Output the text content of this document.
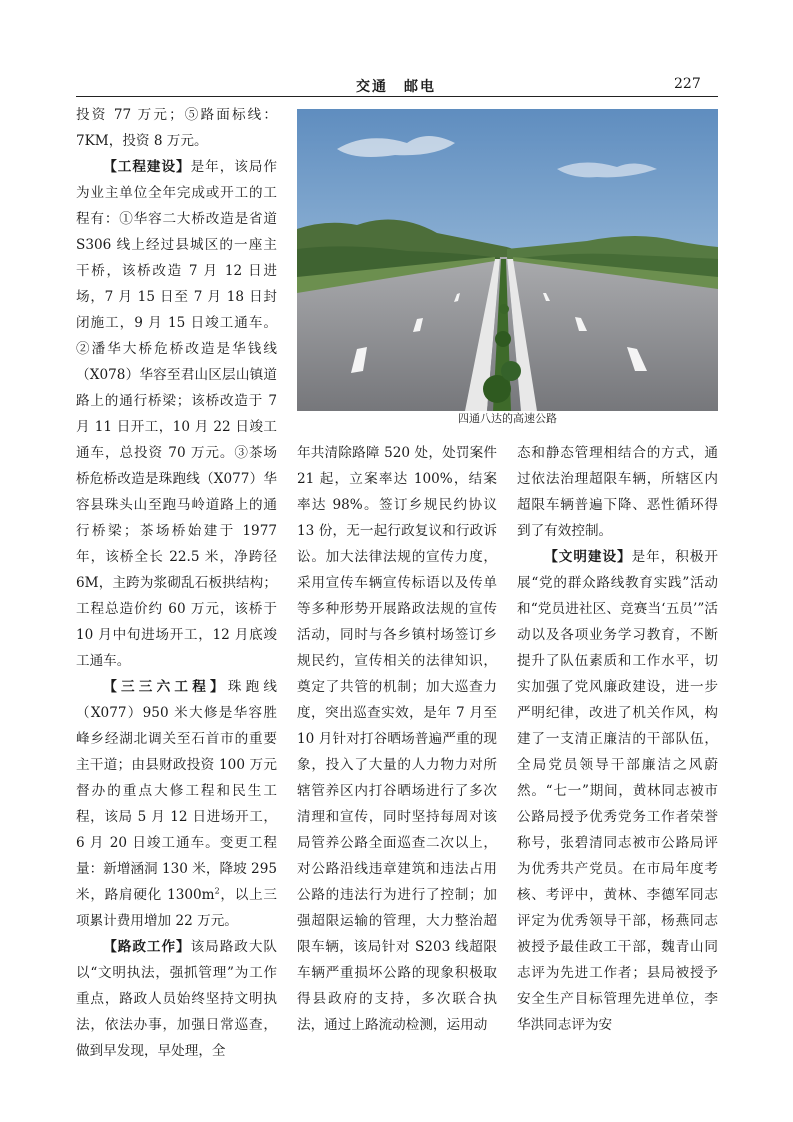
交通　邮电	227

投资 77 万元；⑤路面标线：7KM，投资 8 万元。

【工程建设】是年，该局作为业主单位全年完成或开工的工程有：①华容二大桥改造是省道 S306 线上经过县城区的一座主干桥，该桥改造 7 月 12 日进场，7 月 15 日至 7 月 18 日封闭施工，9 月 15 日竣工通车。②潘华大桥危桥改造是华钱线（X078）华容至君山区层山镇道路上的通行桥梁；该桥改造于 7 月 11 日开工，10 月 22 日竣工通车，总投资 70 万元。③茶场桥危桥改造是珠跑线（X077）华容县珠头山至跑马岭道路上的通行桥梁；茶场桥始建于 1977 年，该桥全长 22.5 米，净跨径 6M，主跨为浆砌乱石板拱结构；工程总造价约 60 万元，该桥于 10 月中旬进场开工，12 月底竣工通车。

【三三六工程】珠跑线（X077）950 米大修是华容胜峰乡经湖北调关至石首市的重要主干道；由县财政投资 100 万元督办的重点大修工程和民生工程，该局 5 月 12 日进场开工，6 月 20 日竣工通车。变更工程量：新增涵洞 130 米，降坡 295 米，路肩硬化 $1300m^2$，以上三项累计费用增加 22 万元。

【路政工作】该局路政大队以“文明执法，强抓管理”为工作重点，路政人员始终坚持文明执法，依法办事，加强日常巡查，做到早发现，早处理，全

四通八达的高速公路

年共清除路障 520 处，处罚案件 21 起，立案率达 100%，结案率达 98%。签订乡规民约协议 13 份，无一起行政复议和行政诉讼。加大法律法规的宣传力度，采用宣传车辆宣传标语以及传单等多种形势开展路政法规的宣传活动，同时与各乡镇村场签订乡规民约，宣传相关的法律知识，奠定了共管的机制；加大巡查力度，突出巡查实效，是年 7 月至 10 月针对打谷晒场普遍严重的现象，投入了大量的人力物力对所辖管养区内打谷晒场进行了多次清理和宣传，同时坚持每周对该局管养公路全面巡查二次以上，对公路沿线违章建筑和违法占用公路的违法行为进行了控制；加强超限运输的管理，大力整治超限车辆，该局针对 S203 线超限车辆严重损坏公路的现象积极取得县政府的支持，多次联合执法，通过上路流动检测，运用动

态和静态管理相结合的方式，通过依法治理超限车辆，所辖区内超限车辆普遍下降、恶性循环得到了有效控制。

【文明建设】是年，积极开展“党的群众路线教育实践”活动和“党员进社区、竞赛当‘五员’”活动以及各项业务学习教育，不断提升了队伍素质和工作水平，切实加强了党风廉政建设，进一步严明纪律，改进了机关作风，构建了一支清正廉洁的干部队伍，全局党员领导干部廉洁之风蔚然。“七一”期间，黄林同志被市公路局授予优秀党务工作者荣誉称号，张碧清同志被市公路局评为优秀共产党员。在市局年度考核、考评中，黄林、李德军同志评定为优秀领导干部，杨燕同志被授予最佳政工干部，魏青山同志评为先进工作者；县局被授予安全生产目标管理先进单位，李华洪同志评为安
